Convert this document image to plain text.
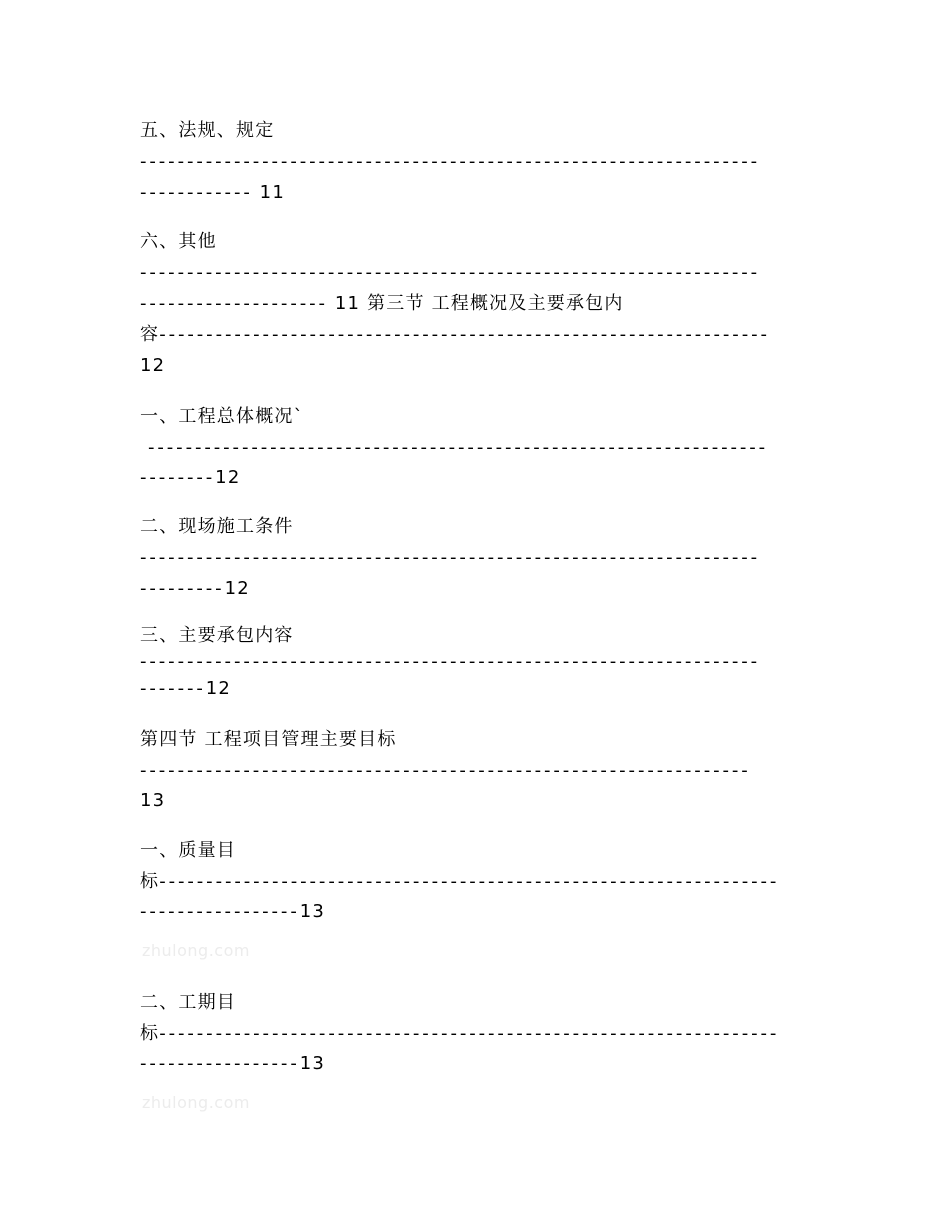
五、法规、规定
------------------------------------------------------------------
------------ 11
六、其他
------------------------------------------------------------------
-------------------- 11 第三节 工程概况及主要承包内
容-----------------------------------------------------------------
12
一、工程总体概况`
------------------------------------------------------------------
--------12
二、现场施工条件
------------------------------------------------------------------
---------12
三、主要承包内容
------------------------------------------------------------------
-------12
第四节 工程项目管理主要目标
-----------------------------------------------------------------
13
一、质量目
标------------------------------------------------------------------
-----------------13
zhulong.com
二、工期目
标------------------------------------------------------------------
-----------------13
zhulong.com
